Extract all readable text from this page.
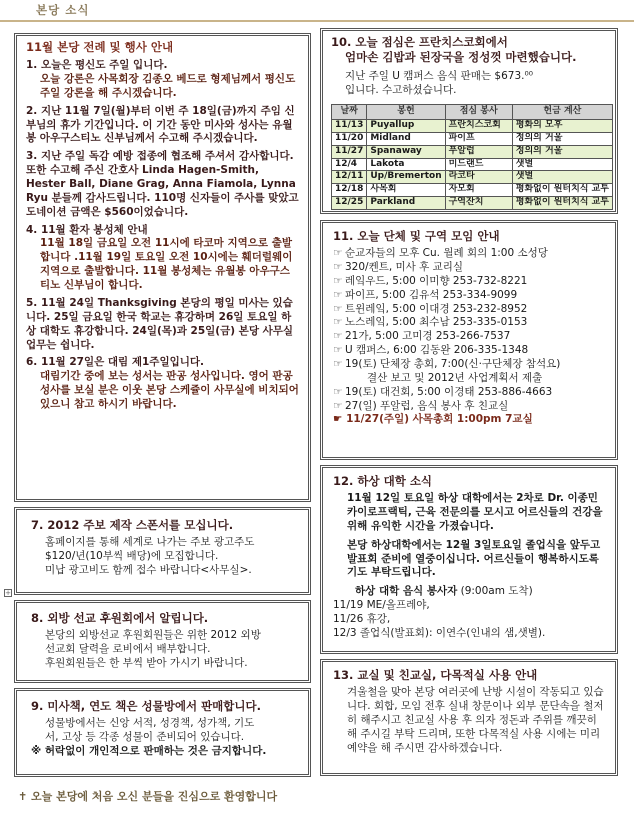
본당 소식
11월 본당 전례 및 행사 안내
1. 오늘은 평신도 주일 입니다.
오늘 강론은 사목회장 김종오 베드로 형제님께서 평신도 주일 강론을 해 주시겠습니다.
2. 지난 11월 7일(월)부터 이번 주 18일(금)까지 주임 신부님의 휴가 기간입니다. 이 기간 동안 미사와 성사는 유월봉 아우구스티노 신부님께서 수고해 주시겠습니다.
3. 지난 주일 독감 예방 접종에 협조해 주셔서 감사합니다. 또한 수고해 주신 간호사 Linda Hagen-Smith, Hester Ball, Diane Grag, Anna Fiamola, Lynna Ryu 분들께 감사드립니다. 110명 신자들이 주사를 맞았고 도네이션 금액은 $560이었습니다.
4. 11월 환자 봉성체 안내
11월 18일 금요일 오전 11시에 타코마 지역으로 출발합니다 .11월 19일 토요일 오전 10시에는 훼더럴웨이 지역으로 출발합니다. 11월 봉성체는 유월봉 아우구스티노 신부님이 합니다.
5. 11월 24일 Thanksgiving 본당의 평일 미사는 있습니다. 25일 금요일 한국 학교는 휴강하며 26일 토요일 하상 대학도 휴강합니다. 24일(목)과 25일(금) 본당 사무실 업무는 쉽니다.
6. 11월 27일은 대림 제1주일입니다.
대림기간 중에 보는 성서는 판공 성사입니다. 영어 판공성사를 보실 분은 이웃 본당 스케쥴이 사무실에 비치되어 있으니 참고 하시기 바랍니다.
7. 2012 주보 제작 스폰서를 모십니다.
홈페이지를 통해 세계로 나가는 주보 광고주도
$120/년(10부씩 배당)에 모집합니다.
미납 광고비도 함께 접수 바랍니다<사무실>.
+
8. 외방 선교 후원회에서 알립니다.
본당의 외방선교 후원회원들은 위한 2012 외방
선교회 달력을 로비에서 배부합니다.
후원회원들은 한 부씩 받아 가시기 바랍니다.
9. 미사책, 연도 책은 성물방에서 판매합니다.
성물방에서는 신앙 서적, 성경책, 성가책, 기도
서, 고상 등 각종 성물이 준비되어 있습니다.
※ 허락없이 개인적으로 판매하는 것은 금지합니다.
10. 오늘 점심은 프란치스코회에서
엄마손 김밥과 된장국을 정성껏 마련했습니다.
지난 주일 U 캠퍼스 음식 판매는 $673.⁰⁰
입니다. 수고하셨습니다.
날짜	봉헌	점심 봉사	헌금 계산
11/13	Puyallup	프란치스코회	평화의 모후
11/20	Midland	파이프	정의의 거울
11/27	Spanaway	푸알럽	정의의 거울
12/4	Lakota	미드랜드	샛별
12/11	Up/Bremerton	라코타	샛별
12/18	사목회	자모회	평화없이 원터치식 교투
12/25	Parkland	구역잔치	평화없이 원터치식 교투
11. 오늘 단체 및 구역 모임 안내
☞ 순교자들의 모후 Cu. 월례 회의 1:00 소성당
☞ 320/켄트, 미사 후 교리실
☞ 레잌우드, 5:00 이미향 253-732-8221
☞ 파이프, 5:00 김유석 253-334-9099
☞ 트윈레잌, 5:00 이대경 253-232-8952
☞ 노스레잌, 5:00 최수남 253-335-0153
☞ 21가, 5:00 고미경 253-266-7537
☞ U 캠퍼스, 6:00 김동완 206-335-1348
☞ 19(토) 단체장 총회, 7:00(신·구단체장 참석요)
결산 보고 및 2012년 사업계획서 제출
☞ 19(토) 대건회, 5:00 이경태 253-886-4663
☞ 27(일) 푸알럽, 음식 봉사 후 친교실
☛ 11/27(주일) 사목총회 1:00pm 7교실
12. 하상 대학 소식
11월 12일 토요일 하상 대학에서는 2차로 Dr. 이종민 카이로프랙틱, 근육 전문의를 모시고 어르신들의 건강을 위해 유익한 시간을 가졌습니다.
본당 하상대학에서는 12월 3일토요일 졸업식을 앞두고 발표회 준비에 열중이십니다. 어르신들이 행복하시도록 기도 부탁드립니다.
하상 대학 음식 봉사자 (9:00am 도착)
11/19 ME/올프레야,
11/26 휴강,
12/3 졸업식(발표회): 이연수(인내의 샘,샛별).
13. 교실 및 친교실, 다목적실 사용 안내
겨울철을 맞아 본당 여러곳에 난방 시설이 작동되고 있습니다. 회합, 모임 전후 실내 창문이나 외부 문단속을 철저히 해주시고 친교실 사용 후 의자 정돈과 주위를 깨끗히 해 주시길 부탁 드리며, 또한 다목적실 사용 시에는 미리 예약을 해 주시면 감사하겠습니다.
✝ 오늘 본당에 처음 오신 분들을 진심으로 환영합니다
